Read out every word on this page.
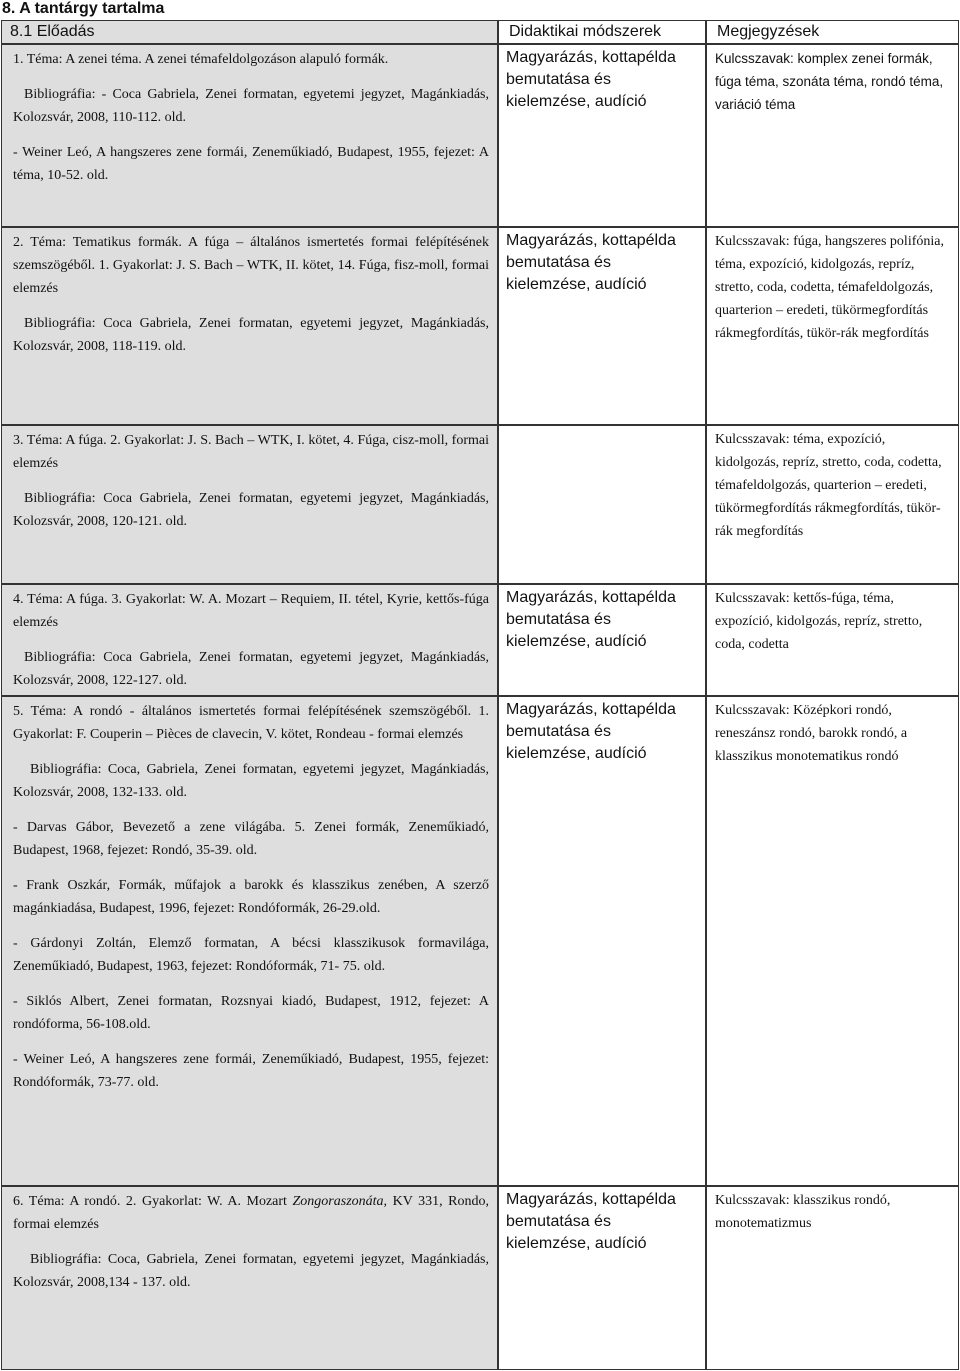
8. A tantárgy tartalma
8.1 Előadás	Didaktikai módszerek	Megjegyzések

1. Téma: A zenei téma. A zenei témafeldolgozáson alapuló formák.

Bibliográfia: - Coca Gabriela, Zenei formatan, egyetemi jegyzet, Magánkiadás, Kolozsvár, 2008, 110-112. old.

- Weiner Leó, A hangszeres zene formái, Zeneműkiadó, Budapest, 1955, fejezet: A téma, 10-52. old.

Magyarázás, kottapélda bemutatása és kielemzése, audíció
Kulcsszavak: komplex zenei formák, fúga téma, szonáta téma, rondó téma, variáció téma

2. Téma: Tematikus formák. A fúga – általános ismertetés formai felépítésének szemszögéből. 1. Gyakorlat: J. S. Bach – WTK, II. kötet, 14. Fúga, fisz-moll, formai elemzés

Bibliográfia: Coca Gabriela, Zenei formatan, egyetemi jegyzet, Magánkiadás, Kolozsvár, 2008, 118-119. old.

Magyarázás, kottapélda bemutatása és kielemzése, audíció
Kulcsszavak: fúga, hangszeres polifónia, téma, expozíció, kidolgozás, repríz, stretto, coda, codetta, témafeldolgozás, quarterion – eredeti, tükörmegfordítás rákmegfordítás, tükör-rák megfordítás

3. Téma: A fúga. 2. Gyakorlat: J. S. Bach – WTK, I. kötet, 4. Fúga, cisz-moll, formai elemzés

Bibliográfia: Coca Gabriela, Zenei formatan, egyetemi jegyzet, Magánkiadás, Kolozsvár, 2008, 120-121. old.

Kulcsszavak: téma, expozíció, kidolgozás, repríz, stretto, coda, codetta, témafeldolgozás, quarterion – eredeti, tükörmegfordítás rákmegfordítás, tükör-rák megfordítás

4. Téma: A fúga. 3. Gyakorlat: W. A. Mozart – Requiem, II. tétel, Kyrie, kettős-fúga elemzés

Bibliográfia: Coca Gabriela, Zenei formatan, egyetemi jegyzet, Magánkiadás, Kolozsvár, 2008, 122-127. old.

Magyarázás, kottapélda bemutatása és kielemzése, audíció
Kulcsszavak: kettős-fúga, téma, expozíció, kidolgozás, repríz, stretto, coda, codetta

5. Téma: A rondó - általános ismertetés formai felépítésének szemszögéből. 1. Gyakorlat: F. Couperin – Pièces de clavecin, V. kötet, Rondeau - formai elemzés

Bibliográfia: Coca, Gabriela, Zenei formatan, egyetemi jegyzet, Magánkiadás, Kolozsvár, 2008, 132-133. old.

- Darvas Gábor, Bevezető a zene világába. 5. Zenei formák, Zeneműkiadó, Budapest, 1968, fejezet: Rondó, 35-39. old.

- Frank Oszkár, Formák, műfajok a barokk és klasszikus zenében, A szerző magánkiadása, Budapest, 1996, fejezet: Rondóformák, 26-29.old.

- Gárdonyi Zoltán, Elemző formatan, A bécsi klasszikusok formavilága, Zeneműkiadó, Budapest, 1963, fejezet: Rondóformák, 71- 75. old.

- Siklós Albert, Zenei formatan, Rozsnyai kiadó, Budapest, 1912, fejezet: A rondóforma, 56-108.old.

- Weiner Leó, A hangszeres zene formái, Zeneműkiadó, Budapest, 1955, fejezet: Rondóformák, 73-77. old.

Magyarázás, kottapélda bemutatása és kielemzése, audíció
Kulcsszavak: Középkori rondó, reneszánsz rondó, barokk rondó, a klasszikus monotematikus rondó

6. Téma: A rondó. 2. Gyakorlat: W. A. Mozart Zongoraszonáta, KV 331, Rondo, formai elemzés

Bibliográfia: Coca, Gabriela, Zenei formatan, egyetemi jegyzet, Magánkiadás, Kolozsvár, 2008,134 - 137. old.

Magyarázás, kottapélda bemutatása és kielemzése, audíció
Kulcsszavak: klasszikus rondó, monotematizmus
